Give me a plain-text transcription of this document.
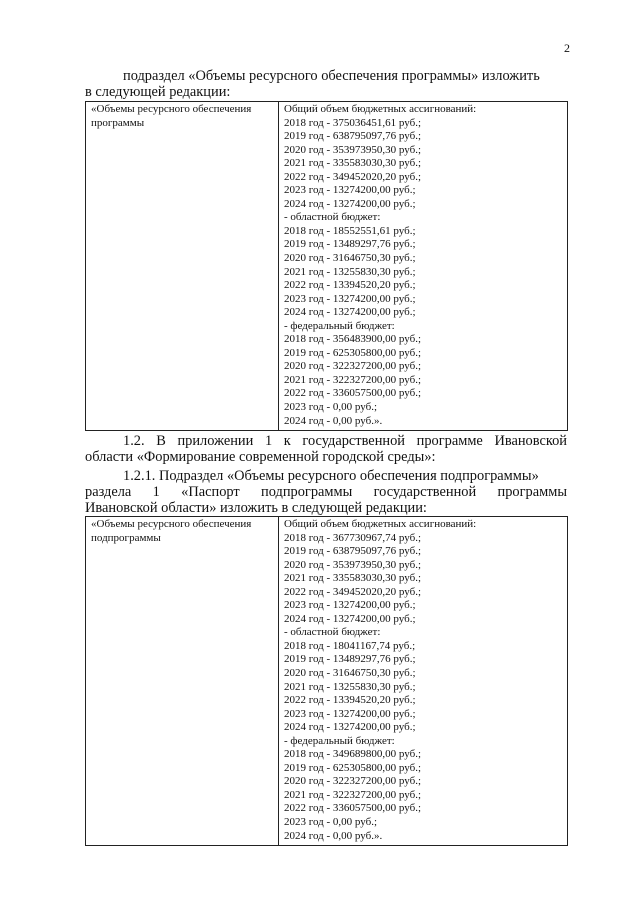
2
подраздел «Объемы ресурсного обеспечения программы» изложить
в следующей редакции:
«Объемы ресурсного обеспечения
программы

Общий объем бюджетных ассигнований:
2018 год - 375036451,61 руб.;
2019 год - 638795097,76 руб.;
2020 год - 353973950,30 руб.;
2021 год - 335583030,30 руб.;
2022 год - 349452020,20 руб.;
2023 год - 13274200,00 руб.;
2024 год - 13274200,00 руб.;
- областной бюджет:
2018 год - 18552551,61 руб.;
2019 год - 13489297,76 руб.;
2020 год - 31646750,30 руб.;
2021 год - 13255830,30 руб.;
2022 год - 13394520,20 руб.;
2023 год - 13274200,00 руб.;
2024 год - 13274200,00 руб.;
- федеральный бюджет:
2018 год - 356483900,00 руб.;
2019 год - 625305800,00 руб.;
2020 год - 322327200,00 руб.;
2021 год - 322327200,00 руб.;
2022 год - 336057500,00 руб.;
2023 год - 0,00 руб.;
2024 год - 0,00 руб.».
1.2. В приложении 1 к государственной программе Ивановской
области «Формирование современной городской среды»:
1.2.1. Подраздел «Объемы ресурсного обеспечения подпрограммы»
раздела 1 «Паспорт подпрограммы государственной программы
Ивановской области» изложить в следующей редакции:
«Объемы ресурсного обеспечения
подпрограммы

Общий объем бюджетных ассигнований:
2018 год - 367730967,74 руб.;
2019 год - 638795097,76 руб.;
2020 год - 353973950,30 руб.;
2021 год - 335583030,30 руб.;
2022 год - 349452020,20 руб.;
2023 год - 13274200,00 руб.;
2024 год - 13274200,00 руб.;
- областной бюджет:
2018 год - 18041167,74 руб.;
2019 год - 13489297,76 руб.;
2020 год - 31646750,30 руб.;
2021 год - 13255830,30 руб.;
2022 год - 13394520,20 руб.;
2023 год - 13274200,00 руб.;
2024 год - 13274200,00 руб.;
- федеральный бюджет:
2018 год - 349689800,00 руб.;
2019 год - 625305800,00 руб.;
2020 год - 322327200,00 руб.;
2021 год - 322327200,00 руб.;
2022 год - 336057500,00 руб.;
2023 год - 0,00 руб.;
2024 год - 0,00 руб.».
